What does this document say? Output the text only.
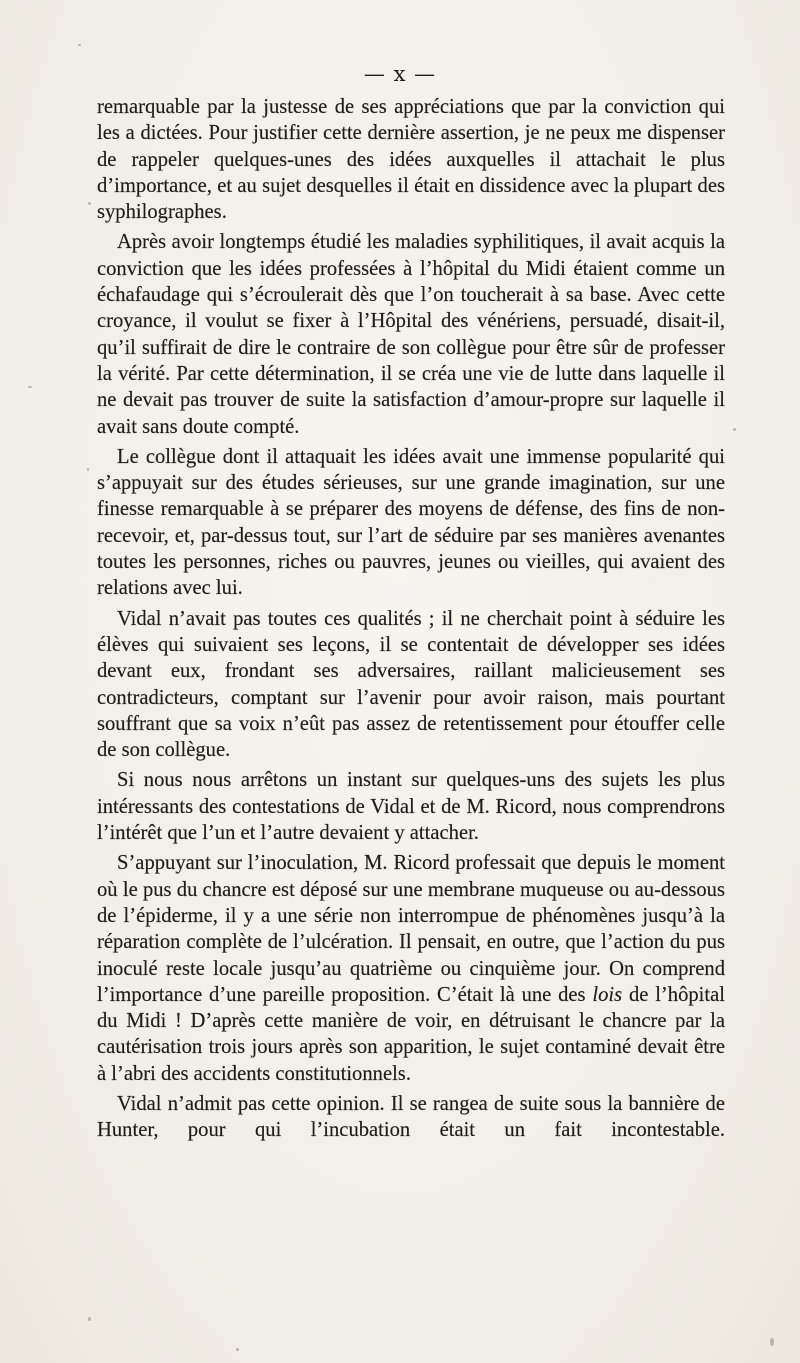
— x —

remarquable par la justesse de ses appréciations que par la conviction qui les a dictées. Pour justifier cette dernière assertion, je ne peux me dispenser de rappeler quelques-unes des idées auxquelles il attachait le plus d’importance, et au sujet desquelles il était en dissidence avec la plupart des syphilographes.

Après avoir longtemps étudié les maladies syphilitiques, il avait acquis la conviction que les idées professées à l’hôpital du Midi étaient comme un échafaudage qui s’écroulerait dès que l’on toucherait à sa base. Avec cette croyance, il voulut se fixer à l’Hôpital des vénériens, persuadé, disait-il, qu’il suffirait de dire le contraire de son collègue pour être sûr de professer la vérité. Par cette détermination, il se créa une vie de lutte dans laquelle il ne devait pas trouver de suite la satisfaction d’amour-propre sur laquelle il avait sans doute compté.

Le collègue dont il attaquait les idées avait une immense popularité qui s’appuyait sur des études sérieuses, sur une grande imagination, sur une finesse remarquable à se préparer des moyens de défense, des fins de non-recevoir, et, par-dessus tout, sur l’art de séduire par ses manières avenantes toutes les personnes, riches ou pauvres, jeunes ou vieilles, qui avaient des relations avec lui.

Vidal n’avait pas toutes ces qualités ; il ne cherchait point à séduire les élèves qui suivaient ses leçons, il se contentait de développer ses idées devant eux, frondant ses adversaires, raillant malicieusement ses contradicteurs, comptant sur l’avenir pour avoir raison, mais pourtant souffrant que sa voix n’eût pas assez de retentissement pour étouffer celle de son collègue.

Si nous nous arrêtons un instant sur quelques-uns des sujets les plus intéressants des contestations de Vidal et de M. Ricord, nous comprendrons l’intérêt que l’un et l’autre devaient y attacher.

S’appuyant sur l’inoculation, M. Ricord professait que depuis le moment où le pus du chancre est déposé sur une membrane muqueuse ou au-dessous de l’épiderme, il y a une série non interrompue de phénomènes jusqu’à la réparation complète de l’ulcération. Il pensait, en outre, que l’action du pus inoculé reste locale jusqu’au quatrième ou cinquième jour. On comprend l’importance d’une pareille proposition. C’était là une des lois de l’hôpital du Midi ! D’après cette manière de voir, en détruisant le chancre par la cautérisation trois jours après son apparition, le sujet contaminé devait être à l’abri des accidents constitutionnels.

Vidal n’admit pas cette opinion. Il se rangea de suite sous la bannière de Hunter, pour qui l’incubation était un fait incontestable.
